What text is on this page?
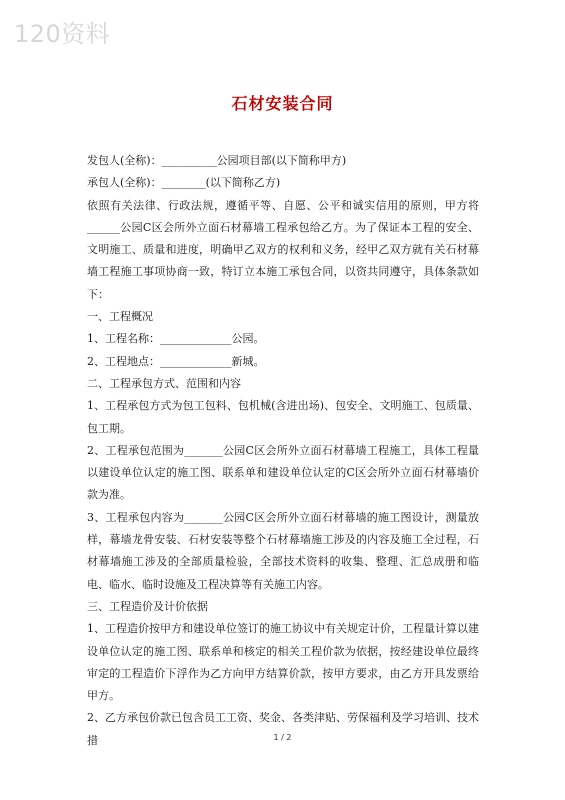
120资料
石材安装合同

发包人(全称)：__________公园项目部(以下简称甲方)

承包人(全称)：________(以下简称乙方)

依照有关法律、行政法规，遵循平等、自愿、公平和诚实信用的原则，甲方将______公园C区会所外立面石材幕墙工程承包给乙方。为了保证本工程的安全、文明施工、质量和进度，明确甲乙双方的权利和义务，经甲乙双方就有关石材幕墙工程施工事项协商一致，特订立本施工承包合同，以资共同遵守，具体条款如下：

一、工程概况

1、工程名称：_____________公园。

2、工程地点：_____________新城。

二、工程承包方式、范围和内容

1、工程承包方式为包工包料、包机械(含进出场)、包安全、文明施工、包质量、包工期。

2、工程承包范围为_______公园C区会所外立面石材幕墙工程施工，具体工程量以建设单位认定的施工图、联系单和建设单位认定的C区会所外立面石材幕墙价款为准。

3、工程承包内容为_______公园C区会所外立面石材幕墙的施工图设计，测量放样，幕墙龙骨安装、石材安装等整个石材幕墙施工涉及的内容及施工全过程，石材幕墙施工涉及的全部质量检验，全部技术资料的收集、整理、汇总成册和临电、临水、临时设施及工程决算等有关施工内容。

三、工程造价及计价依据

1、工程造价按甲方和建设单位签订的施工协议中有关规定计价，工程量计算以建设单位认定的施工图、联系单和核定的相关工程价款为依据，按经建设单位最终审定的工程造价下浮作为乙方向甲方结算价款，按甲方要求，由乙方开具发票给甲方。

2、乙方承包价款已包含员工工资、奖金、各类津贴、劳保福利及学习培训、技术措	1 / 2
